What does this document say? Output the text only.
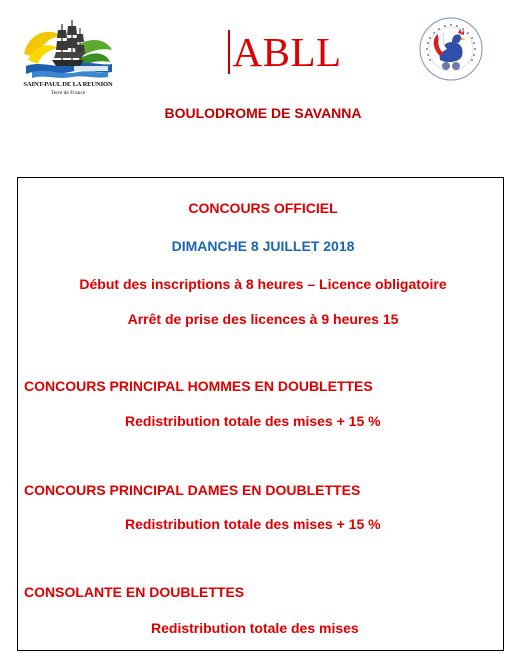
SAINT-PAUL DE LA REUNION
Terre de France
ABLL
BOULODROME DE SAVANNA
CONCOURS OFFICIEL
DIMANCHE 8 JUILLET 2018
Début des inscriptions à 8 heures – Licence obligatoire
Arrêt de prise des licences à 9 heures 15
CONCOURS PRINCIPAL HOMMES EN DOUBLETTES
Redistribution totale des mises + 15 %
CONCOURS PRINCIPAL DAMES EN DOUBLETTES
Redistribution totale des mises + 15 %
CONSOLANTE EN DOUBLETTES
Redistribution totale des mises
